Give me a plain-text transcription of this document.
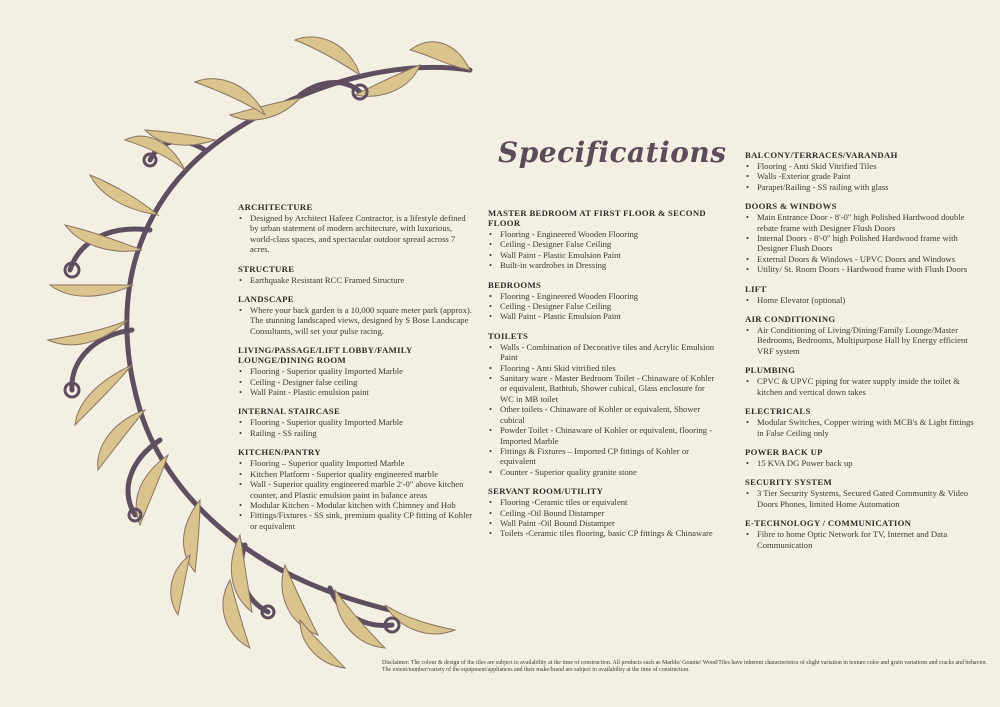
Specifications
ARCHITECTURE
• Designed by Architect Hafeez Contractor, is a lifestyle defined by urban statement of modern architecture, with luxurious, world-class spaces, and spectacular outdoor spread across 7 acres.
STRUCTURE
• Earthquake Resistant RCC Framed Structure
LANDSCAPE
• Where your back garden is a 10,000 square meter park (approx). The stunning landscaped views, designed by S Bose Landscape Consultants, will set your pulse racing.
LIVING/PASSAGE/LIFT LOBBY/FAMILY LOUNGE/DINING ROOM
• Flooring - Superior quality Imported Marble
• Ceiling - Designer false ceiling
• Wall Paint - Plastic emulsion paint
INTERNAL STAIRCASE
• Flooring - Superior quality Imported Marble
• Railing - SS railing
KITCHEN/PANTRY
• Flooring – Superior quality Imported Marble
• Kitchen Platform - Superior quality engineered marble
• Wall - Superior quality engineered marble 2'-0" above kitchen counter, and Plastic emulsion paint in balance areas
• Modular Kitchen - Modular kitchen with Chimney and Hob
• Fittings/Fixtures - SS sink, premium quality CP fitting of Kohler or equivalent
MASTER BEDROOM AT FIRST FLOOR & SECOND FLOOR
• Flooring - Engineered Wooden Flooring
• Ceiling - Designer False Ceiling
• Wall Paint - Plastic Emulsion Paint
• Built-in wardrobes in Dressing
BEDROOMS
• Flooring - Engineered Wooden Flooring
• Ceiling - Designer False Ceiling
• Wall Paint - Plastic Emulsion Paint
TOILETS
• Walls - Combination of Decorative tiles and Acrylic Emulsion Paint
• Flooring - Anti Skid vitrified tiles
• Sanitary ware - Master Bedroom Toilet - Chinaware of Kohler or equivalent, Bathtub, Shower cubical, Glass enclosure for WC in MB toilet
• Other toilets - Chinaware of Kohler or equivalent, Shower cubical
• Powder Toilet - Chinaware of Kohler or equivalent, flooring -Imported Marble
• Fittings & Fixtures – Imported CP fittings of Kohler or equivalent
• Counter - Superior quality granite stone
SERVANT ROOM/UTILITY
• Flooring -Ceramic tiles or equivalent
• Ceiling -Oil Bound Distamper
• Wall Paint -Oil Bound Distamper
• Toilets -Ceramic tiles flooring, basic CP fittings & Chinaware
BALCONY/TERRACES/VARANDAH
• Flooring - Anti Skid Vitrified Tiles
• Walls -Exterior grade Paint
• Parapet/Railing - SS railing with glass
DOORS & WINDOWS
• Main Entrance Door - 8'-0" high Polished Hardwood double rebate frame with Designer Flush Doors
• Internal Doors - 8'-0" high Polished Hardwood frame with Designer Flush Doors
• External Doors & Windows - UPVC Doors and Windows
• Utility/ St. Room Doors - Hardwood frame with Flush Doors
LIFT
• Home Elevator (optional)
AIR CONDITIONING
• Air Conditioning of Living/Dining/Family Lounge/Master Bedrooms, Bedrooms, Multipurpose Hall by Energy efficient VRF system
PLUMBING
• CPVC & UPVC piping for water supply inside the toilet & kitchen and vertical down takes
ELECTRICALS
• Modular Switches, Copper wiring with MCB's & Light fittings in False Ceiling only
POWER BACK UP
• 15 KVA DG Power back up
SECURITY SYSTEM
• 3 Tier Security Systems, Secured Gated Community & Video Doors Phones, limited Home Automation
E-TECHNOLOGY / COMMUNICATION
• Fibre to home Optic Network for TV, Internet and Data Communication
Disclaimer: The colour & design of the tiles are subject to availability at the time of construction. All products such as Marble/ Granite/ Wood/Tiles have inherent characteristics of slight variation in texture color and grain variations and cracks and behavior. The extent/number/variety of the equipment/appliances and their make/brand are subject to availability at the time of construction.
